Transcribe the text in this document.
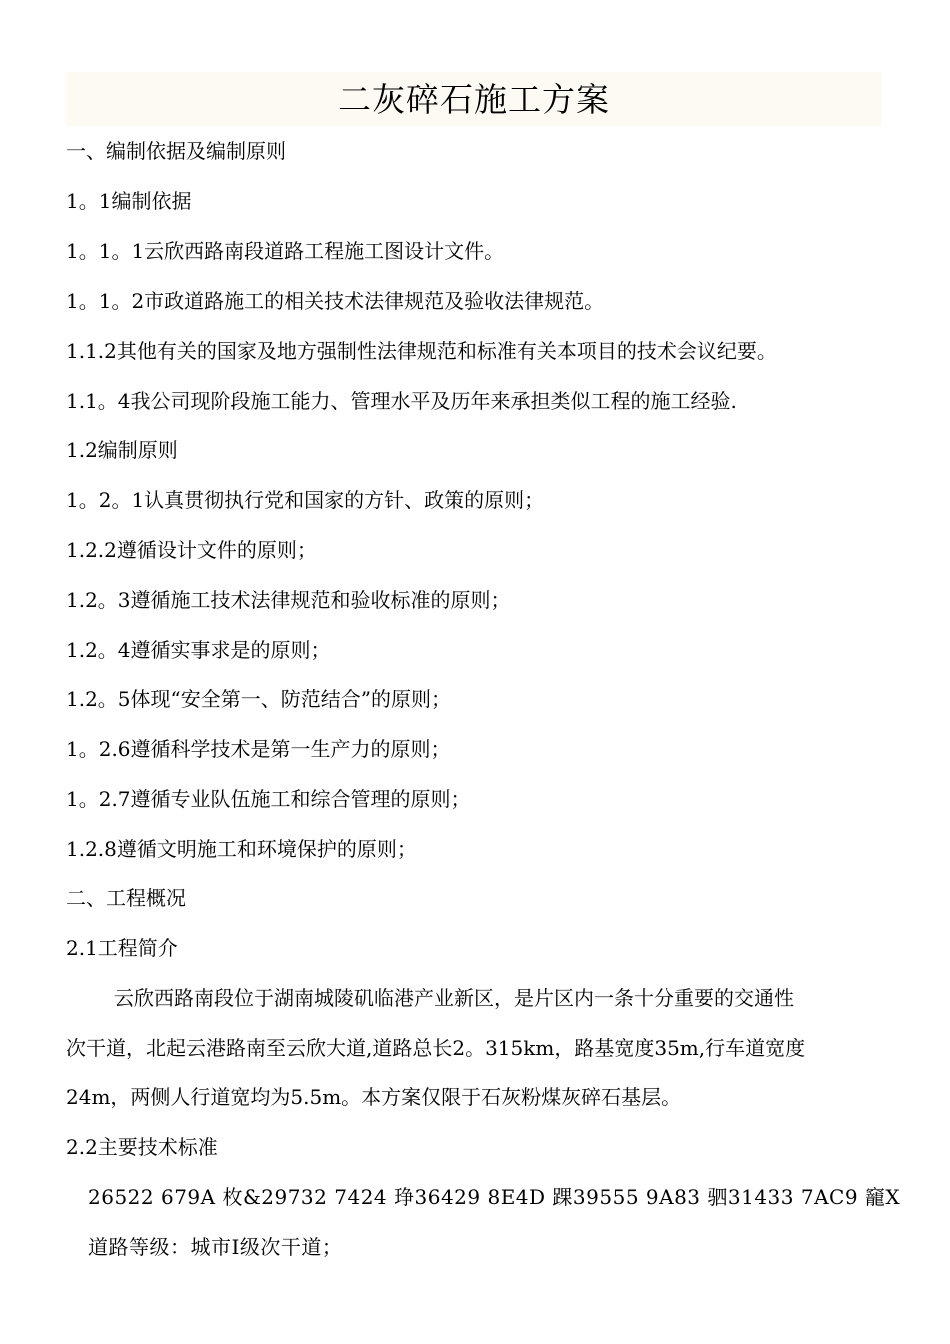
二灰碎石施工方案
一、编制依据及编制原则
1。1编制依据
1。1。1云欣西路南段道路工程施工图设计文件。
1。1。2市政道路施工的相关技术法律规范及验收法律规范。
1.1.2其他有关的国家及地方强制性法律规范和标准有关本项目的技术会议纪要。
1.1。4我公司现阶段施工能力、管理水平及历年来承担类似工程的施工经验.
1.2编制原则
1。2。1认真贯彻执行党和国家的方针、政策的原则；
1.2.2遵循设计文件的原则；
1.2。3遵循施工技术法律规范和验收标准的原则；
1.2。4遵循实事求是的原则；
1.2。5体现“安全第一、防范结合”的原则；
1。2.6遵循科学技术是第一生产力的原则；
1。2.7遵循专业队伍施工和综合管理的原则；
1.2.8遵循文明施工和环境保护的原则；
二、工程概况
2.1工程简介
云欣西路南段位于湖南城陵矶临港产业新区，是片区内一条十分重要的交通性
次干道，北起云港路南至云欣大道,道路总长2。315km，路基宽度35m,行车道宽度
24m，两侧人行道宽均为5.5m。本方案仅限于石灰粉煤灰碎石基层。
2.2主要技术标准
26522 679A 枚&29732 7424 琤36429 8E4D 踝39555 9A83 驷31433 7AC9 竉X
道路等级：城市Ⅰ级次干道；
